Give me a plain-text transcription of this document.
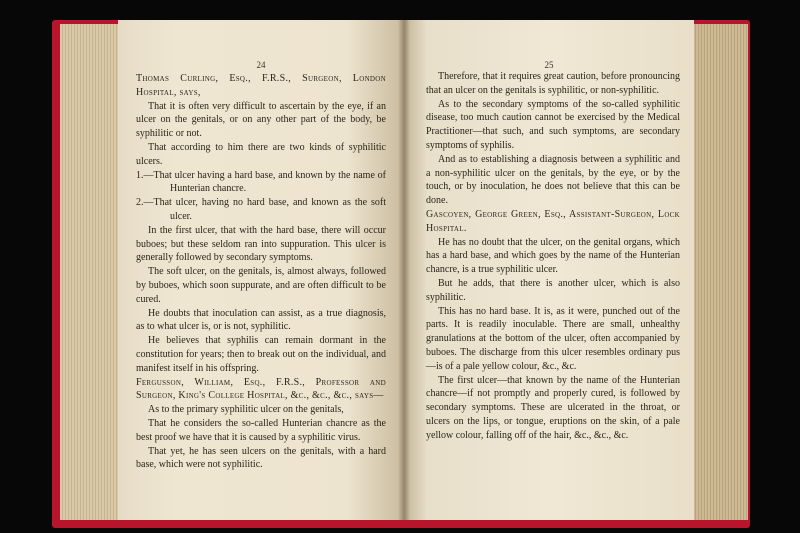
24

Thomas Curling, Esq., F.R.S., Surgeon, London Hospital, says,

That it is often very difficult to ascertain by the eye, if an ulcer on the genitals, or on any other part of the body, be syphilitic or not.

That according to him there are two kinds of syphilitic ulcers.

1.—That ulcer having a hard base, and known by the name of Hunterian chancre.

2.—That ulcer, having no hard base, and known as the soft ulcer.

In the first ulcer, that with the hard base, there will occur buboes; but these seldom ran into suppuration. This ulcer is generally followed by secondary symptoms.

The soft ulcer, on the genitals, is, almost always, followed by buboes, which soon suppurate, and are often difficult to be cured.

He doubts that inoculation can assist, as a true diagnosis, as to what ulcer is, or is not, syphilitic.

He believes that syphilis can remain dormant in the constitution for years; then to break out on the individual, and manifest itself in his offspring.

Fergusson, William, Esq., F.R.S., Professor and Surgeon, King's College Hospital, &c., &c., &c., says—

As to the primary syphilitic ulcer on the genitals,

That he considers the so-called Hunterian chancre as the best proof we have that it is caused by a syphilitic virus.

That yet, he has seen ulcers on the genitals, with a hard base, which were not syphilitic.

25

Therefore, that it requires great caution, before pronouncing that an ulcer on the genitals is syphilitic, or non-syphilitic.

As to the secondary symptoms of the so-called syphilitic disease, too much caution cannot be exercised by the Medical Practitioner—that such, and such symptoms, are secondary symptoms of syphilis.

And as to establishing a diagnosis between a syphilitic and a non-syphilitic ulcer on the genitals, by the eye, or by the touch, or by inoculation, he does not believe that this can be done.

Gascoyen, George Green, Esq., Assistant-Surgeon, Lock Hospital.

He has no doubt that the ulcer, on the genital organs, which has a hard base, and which goes by the name of the Hunterian chancre, is a true syphilitic ulcer.

But he adds, that there is another ulcer, which is also syphilitic.

This has no hard base. It is, as it were, punched out of the parts. It is readily inoculable. There are small, unhealthy granulations at the bottom of the ulcer, often accompanied by buboes. The discharge from this ulcer resembles ordinary pus—is of a pale yellow colour, &c., &c.

The first ulcer—that known by the name of the Hunterian chancre—if not promptly and properly cured, is followed by secondary symptoms. These are ulcerated in the throat, or ulcers on the lips, or tongue, eruptions on the skin, of a pale yellow colour, falling off of the hair, &c., &c., &c.
